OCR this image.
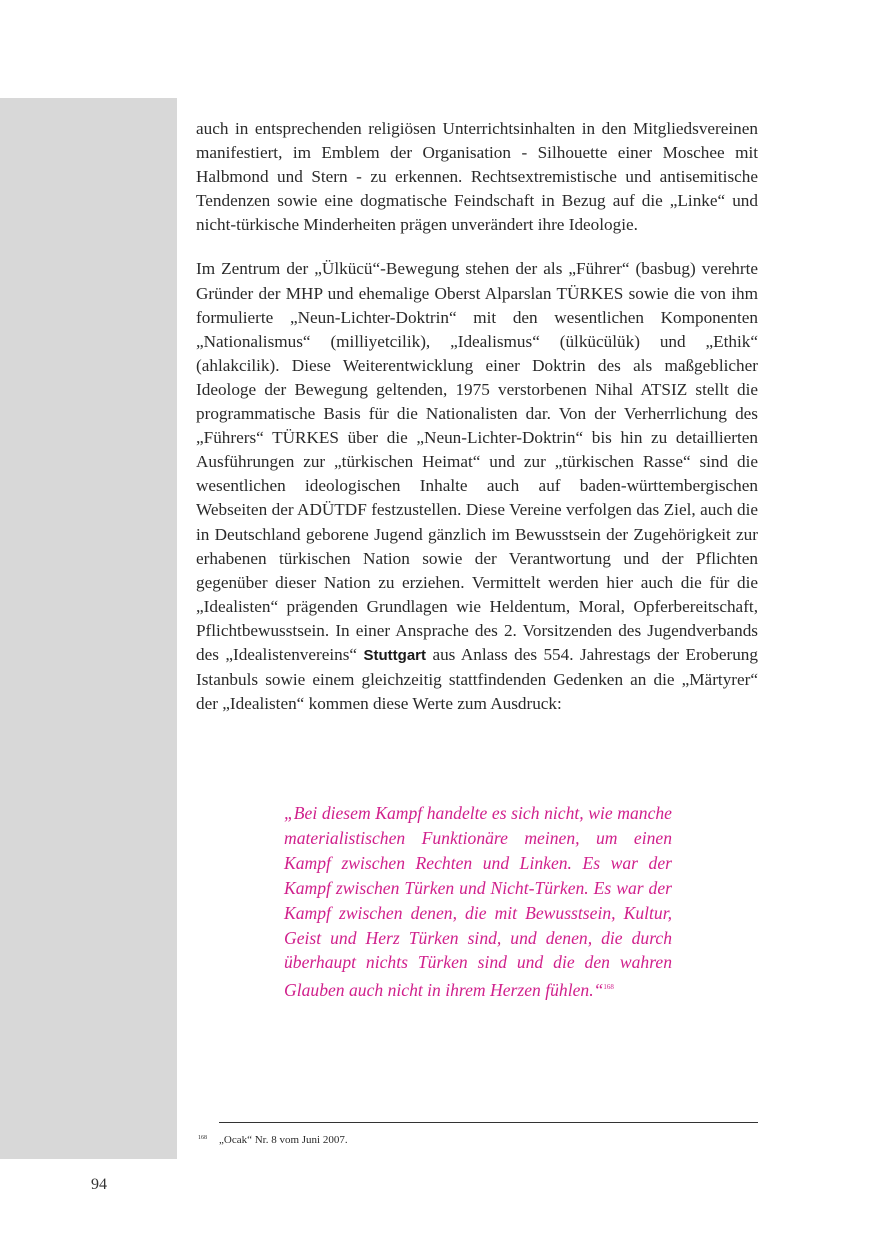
auch in entsprechenden religiösen Unterrichtsinhalten in den Mitgliedsvereinen manifestiert, im Emblem der Organisation - Silhouette einer Moschee mit Halbmond und Stern - zu erkennen. Rechtsextremistische und antisemitische Tendenzen sowie eine dogmatische Feindschaft in Bezug auf die „Linke“ und nicht-türkische Minderheiten prägen unverändert ihre Ideologie.

Im Zentrum der „Ülkücü“-Bewegung stehen der als „Führer“ (basbug) verehrte Gründer der MHP und ehemalige Oberst Alparslan TÜRKES sowie die von ihm formulierte „Neun-Lichter-Doktrin“ mit den wesentlichen Komponenten „Nationalismus“ (milliyetcilik), „Idealismus“ (ülkücülük) und „Ethik“ (ahlakcilik). Diese Weiterentwicklung einer Doktrin des als maßgeblicher Ideologe der Bewegung geltenden, 1975 verstorbenen Nihal ATSIZ stellt die programmatische Basis für die Nationalisten dar. Von der Verherrlichung des „Führers“ TÜRKES über die „Neun-Lichter-Doktrin“ bis hin zu detaillierten Ausführungen zur „türkischen Heimat“ und zur „türkischen Rasse“ sind die wesentlichen ideologischen Inhalte auch auf baden-württembergischen Webseiten der ADÜTDF festzustellen. Diese Vereine verfolgen das Ziel, auch die in Deutschland geborene Jugend gänzlich im Bewusstsein der Zugehörigkeit zur erhabenen türkischen Nation sowie der Verantwortung und der Pflichten gegenüber dieser Nation zu erziehen. Vermittelt werden hier auch die für die „Idealisten“ prägenden Grundlagen wie Heldentum, Moral, Opferbereitschaft, Pflichtbewusstsein. In einer Ansprache des 2. Vorsitzenden des Jugendverbands des „Idealistenvereins“ Stuttgart aus Anlass des 554. Jahrestags der Eroberung Istanbuls sowie einem gleichzeitig stattfindenden Gedenken an die „Märtyrer“ der „Idealisten“ kommen diese Werte zum Ausdruck:

„Bei diesem Kampf handelte es sich nicht, wie manche materialistischen Funktionäre meinen, um einen Kampf zwischen Rechten und Linken. Es war der Kampf zwischen Türken und Nicht-Türken. Es war der Kampf zwischen denen, die mit Bewusstsein, Kultur, Geist und Herz Türken sind, und denen, die durch überhaupt nichts Türken sind und die den wahren Glauben auch nicht in ihrem Herzen fühlen.“$^{168}$
$^{168}$ „Ocak“ Nr. 8 vom Juni 2007.
94
